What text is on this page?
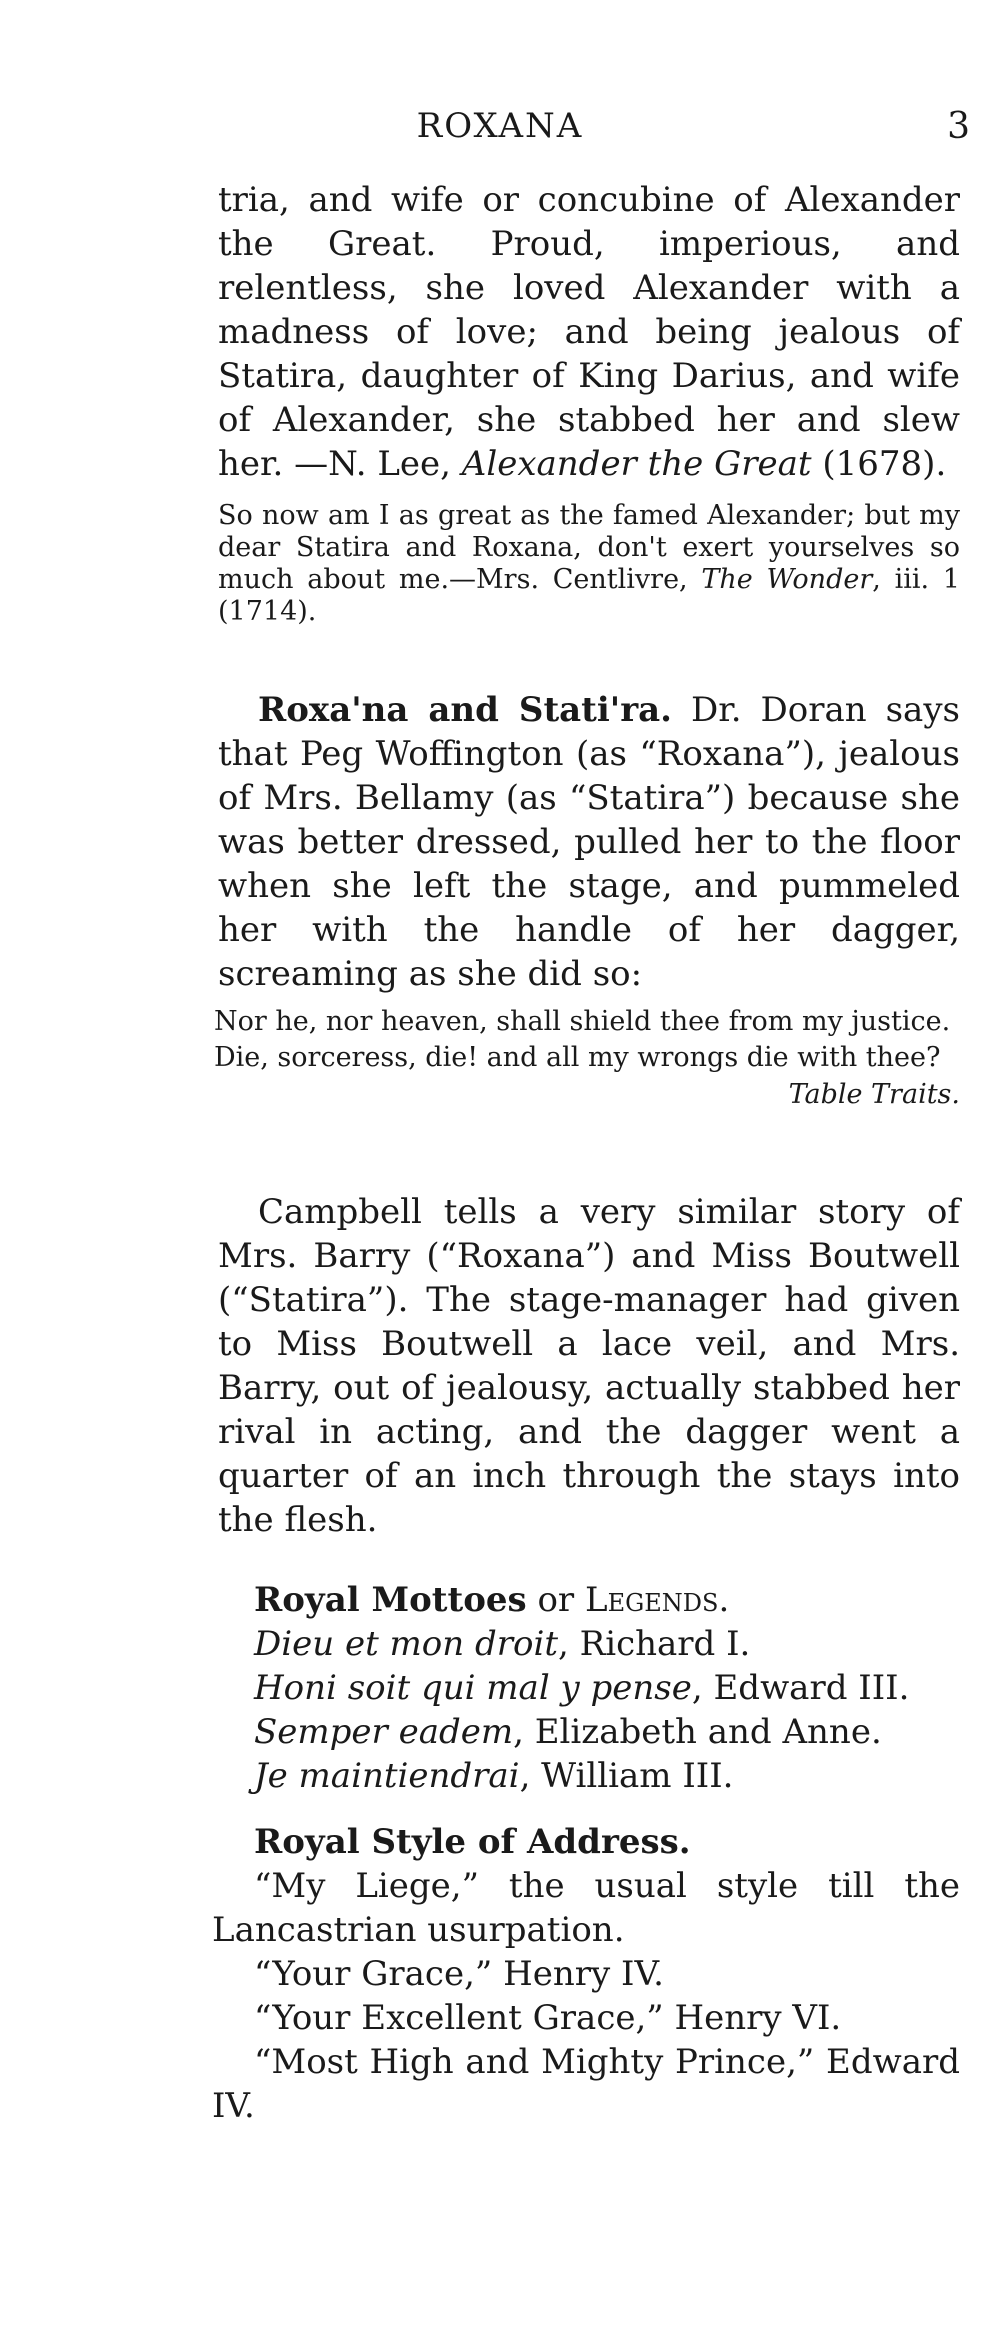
ROXANA	3

tria, and wife or concubine of Alexander the Great. Proud, imperious, and relentless, she loved Alexander with a madness of love; and being jealous of Statira, daughter of King Darius, and wife of Alexander, she stabbed her and slew her. —N. Lee, Alexander the Great (1678).

So now am I as great as the famed Alexander; but my dear Statira and Roxana, don't exert yourselves so much about me.—Mrs. Centlivre, The Wonder, iii. 1 (1714).

Roxa'na and Stati'ra. Dr. Doran says that Peg Woffington (as “Roxana”), jealous of Mrs. Bellamy (as “Statira”) because she was better dressed, pulled her to the floor when she left the stage, and pummeled her with the handle of her dagger, screaming as she did so:

Nor he, nor heaven, shall shield thee from my justice.

Die, sorceress, die! and all my wrongs die with thee?

Table Traits.

Campbell tells a very similar story of Mrs. Barry (“Roxana”) and Miss Boutwell (“Statira”). The stage-manager had given to Miss Boutwell a lace veil, and Mrs. Barry, out of jealousy, actually stabbed her rival in acting, and the dagger went a quarter of an inch through the stays into the flesh.

Royal Mottoes or Legends.

Dieu et mon droit, Richard I.

Honi soit qui mal y pense, Edward III.

Semper eadem, Elizabeth and Anne.

Je maintiendrai, William III.

Royal Style of Address.

“My Liege,” the usual style till the Lancastrian usurpation.

“Your Grace,” Henry IV.

“Your Excellent Grace,” Henry VI.

“Most High and Mighty Prince,” Edward IV.
